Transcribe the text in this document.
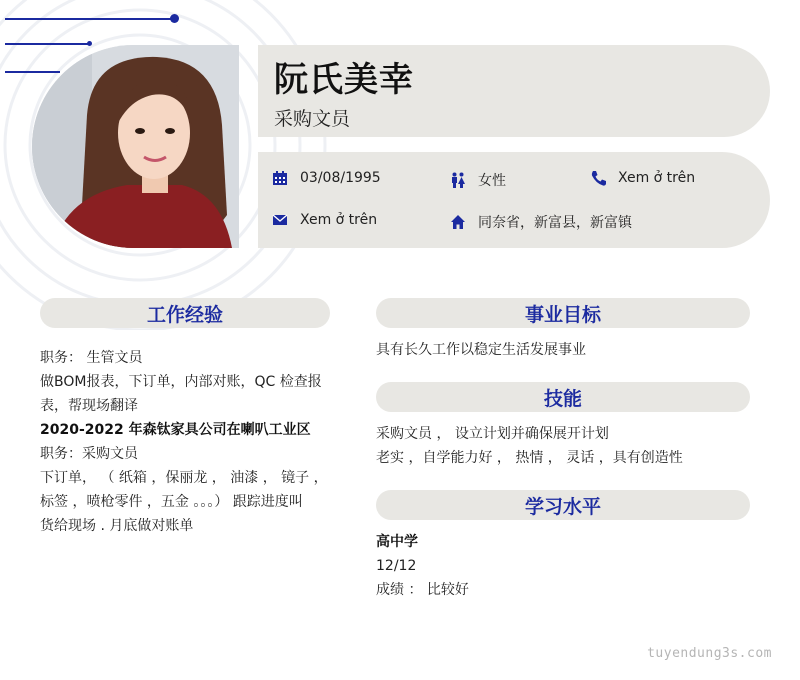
阮氏美幸
采购文员
03/08/1995	女性	Xem ở trên
Xem ở trên	同奈省，新富县，新富镇
工作经验

职务： 生管文员

做BOM报表，下订单，内部对账，QC 检查报

表，帮现场翻译

2020-2022 年森钛家具公司在喇叭工业区

职务：采购文员

下订单， （ 纸箱 ，保丽龙 ， 油漆 ， 镜子 ，

标签 ，喷枪零件 ，五金 。。。） 跟踪进度叫

货给现场 . 月底做对账单

事业目标

具有长久工作以稳定生活发展事业

技能

采购文员 ， 设立计划并确保展开计划

老实 ，自学能力好 ， 热情 ， 灵话 ，具有创造性

学习水平

高中学

12/12

成绩 ： 比较好

tuyendung3s.com
